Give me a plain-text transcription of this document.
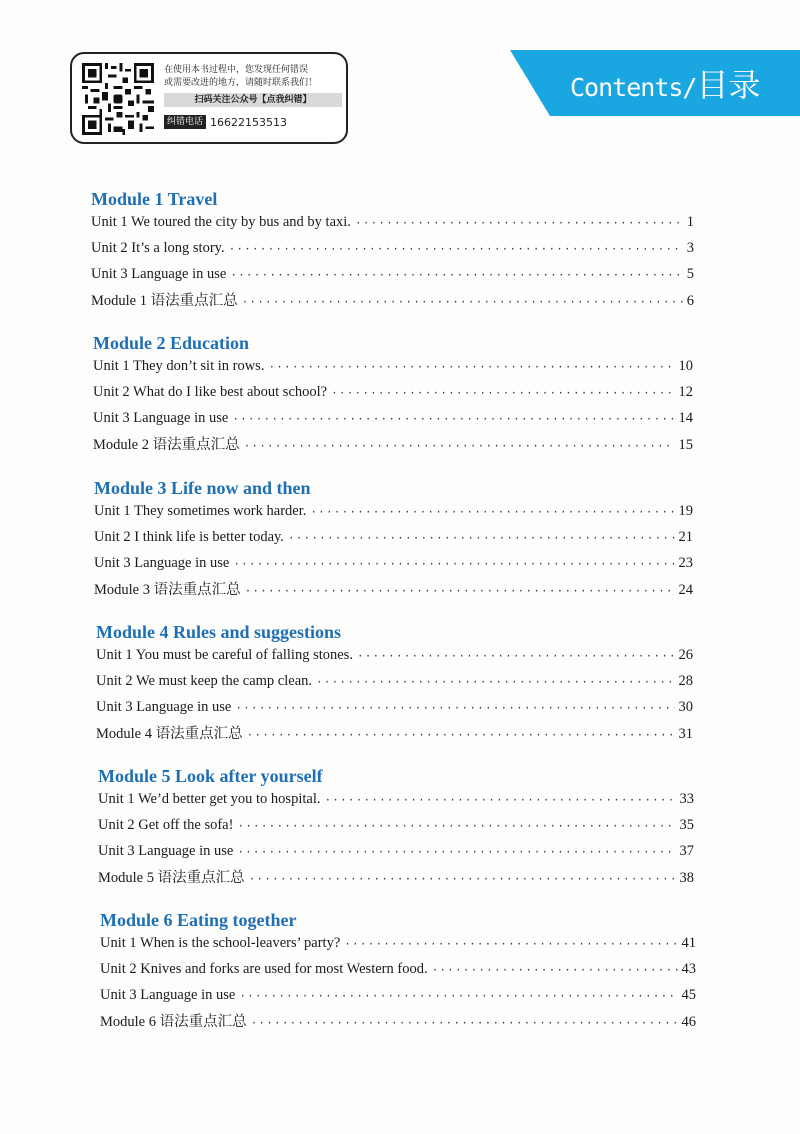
在使用本书过程中，您发现任何错误
或需要改进的地方，请随时联系我们！
扫码关注公众号【点我纠错】
纠错电话 16622153513
Contents/目录
Module 1 Travel
Unit 1 We toured the city by bus and by taxi. ·····	1
Unit 2 It’s a long story. ·····	3
Unit 3 Language in use ·····	5
Module 1 语法重点汇总 ·····	6
Module 2 Education
Unit 1 They don’t sit in rows. ·····	10
Unit 2 What do I like best about school? ·····	12
Unit 3 Language in use ·····	14
Module 2 语法重点汇总 ·····	15
Module 3 Life now and then
Unit 1 They sometimes work harder. ·····	19
Unit 2 I think life is better today. ·····	21
Unit 3 Language in use ·····	23
Module 3 语法重点汇总 ·····	24
Module 4 Rules and suggestions
Unit 1 You must be careful of falling stones. ·····	26
Unit 2 We must keep the camp clean. ·····	28
Unit 3 Language in use ·····	30
Module 4 语法重点汇总 ·····	31
Module 5 Look after yourself
Unit 1 We’d better get you to hospital. ·····	33
Unit 2 Get off the sofa! ·····	35
Unit 3 Language in use ·····	37
Module 5 语法重点汇总 ·····	38
Module 6 Eating together
Unit 1 When is the school-leavers’ party? ·····	41
Unit 2 Knives and forks are used for most Western food. ·····	43
Unit 3 Language in use ·····	45
Module 6 语法重点汇总 ·····	46
